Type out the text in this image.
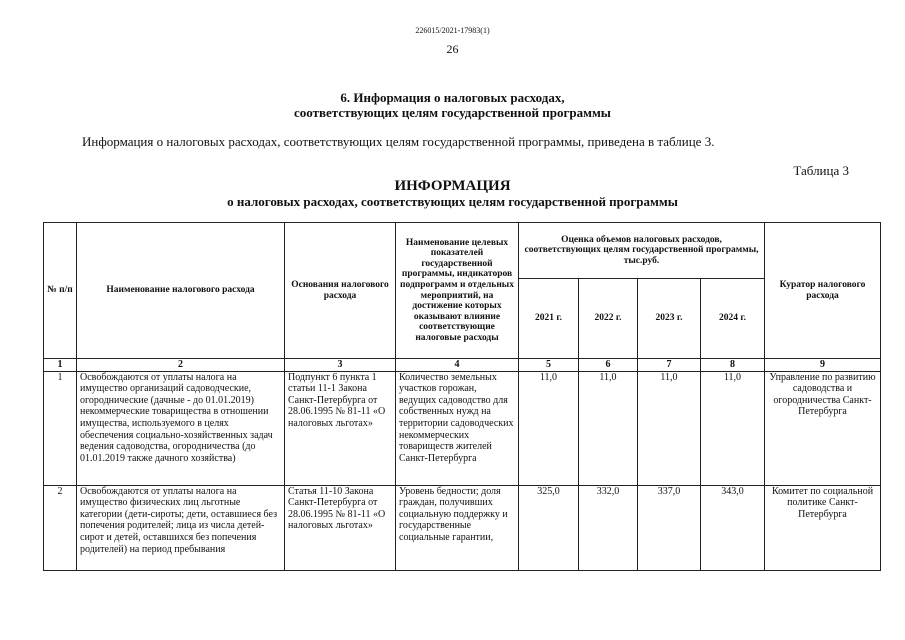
226015/2021-17983(1)
26
6. Информация о налоговых расходах,
соответствующих целям государственной программы
Информация о налоговых расходах, соответствующих целям государственной программы, приведена в таблице 3.
Таблица 3
ИНФОРМАЦИЯ
о налоговых расходах, соответствующих целям государственной программы
№ п/п	Наименование налогового расхода	Основания налогового расхода	Наименование целевых показателей государственной программы, индикаторов подпрограмм и отдельных мероприятий, на достижение которых оказывают влияние соответствующие налоговые расходы	Оценка объемов налоговых расходов, соответствующих целям государственной программы, тыс.руб.				Куратор налогового расхода
				2021 г.	2022 г.	2023 г.	2024 г.	
1	2	3	4	5	6	7	8	9
1	Освобождаются от уплаты налога на имущество организаций садоводческие, огороднические (дачные - до 01.01.2019) некоммерческие товарищества в отношении имущества, используемого в целях обеспечения социально-хозяйственных задач ведения садоводства, огородничества (до 01.01.2019 также дачного хозяйства)	Подпункт 6 пункта 1 статьи 11-1 Закона Санкт-Петербурга от 28.06.1995 № 81-11 «О налоговых льготах»	Количество земельных участков горожан, ведущих садоводство для собственных нужд на территории садоводческих некоммерческих товариществ жителей Санкт-Петербурга	11,0	11,0	11,0	11,0	Управление по развитию садоводства и огородничества Санкт-Петербурга
2	Освобождаются от уплаты налога на имущество физических лиц льготные категории (дети-сироты; дети, оставшиеся без попечения родителей; лица из числа детей-сирот и детей, оставшихся без попечения родителей) на период пребывания	Статья 11-10 Закона Санкт-Петербурга от 28.06.1995 № 81-11 «О налоговых льготах»	Уровень бедности; доля граждан, получивших социальную поддержку и государственные социальные гарантии,	325,0	332,0	337,0	343,0	Комитет по социальной политике Санкт-Петербурга
